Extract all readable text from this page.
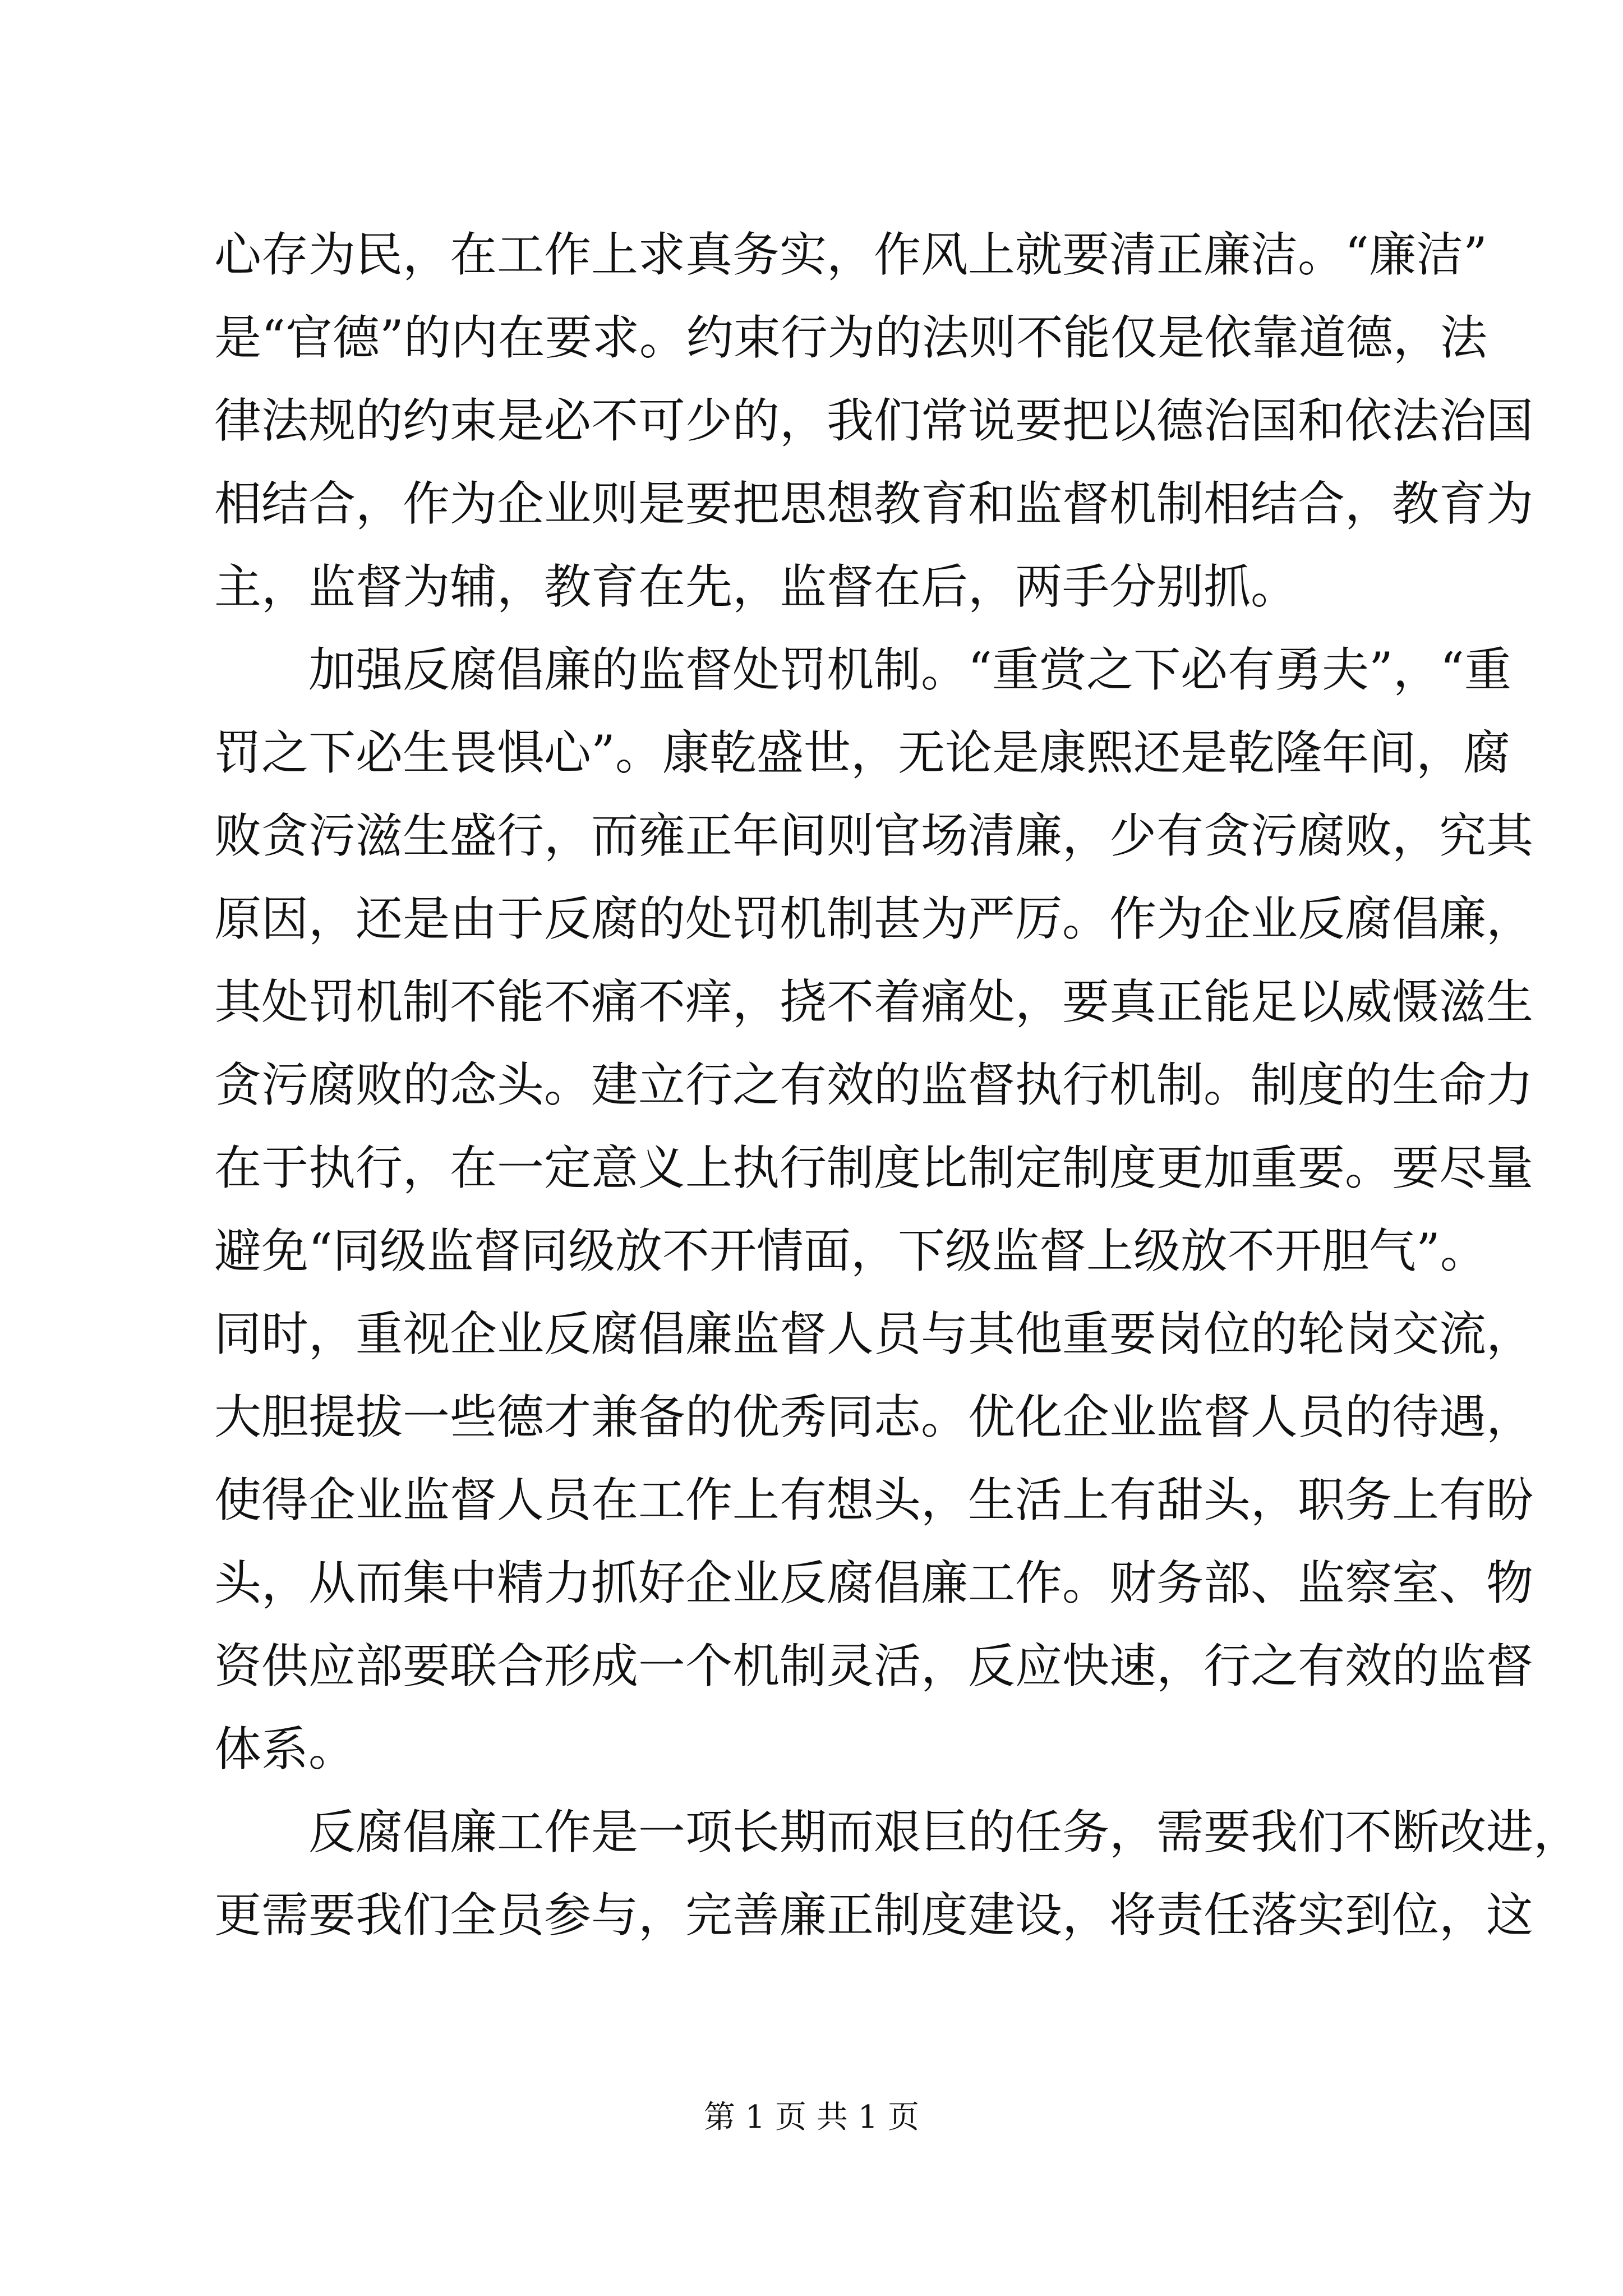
心存为民，在工作上求真务实，作风上就要清正廉洁。“廉洁”
是“官德”的内在要求。约束行为的法则不能仅是依靠道德，法
律法规的约束是必不可少的，我们常说要把以德治国和依法治国
相结合，作为企业则是要把思想教育和监督机制相结合，教育为
主，监督为辅，教育在先，监督在后，两手分别抓。
加强反腐倡廉的监督处罚机制。“重赏之下必有勇夫”，“重
罚之下必生畏惧心”。康乾盛世，无论是康熙还是乾隆年间，腐
败贪污滋生盛行，而雍正年间则官场清廉，少有贪污腐败，究其
原因，还是由于反腐的处罚机制甚为严厉。作为企业反腐倡廉，
其处罚机制不能不痛不痒，挠不着痛处，要真正能足以威慑滋生
贪污腐败的念头。建立行之有效的监督执行机制。制度的生命力
在于执行，在一定意义上执行制度比制定制度更加重要。要尽量
避免“同级监督同级放不开情面，下级监督上级放不开胆气”。
同时，重视企业反腐倡廉监督人员与其他重要岗位的轮岗交流，
大胆提拔一些德才兼备的优秀同志。优化企业监督人员的待遇，
使得企业监督人员在工作上有想头，生活上有甜头，职务上有盼
头，从而集中精力抓好企业反腐倡廉工作。财务部、监察室、物
资供应部要联合形成一个机制灵活，反应快速，行之有效的监督
体系。
反腐倡廉工作是一项长期而艰巨的任务，需要我们不断改进，
更需要我们全员参与，完善廉正制度建设，将责任落实到位，这
第 1 页 共 1 页
